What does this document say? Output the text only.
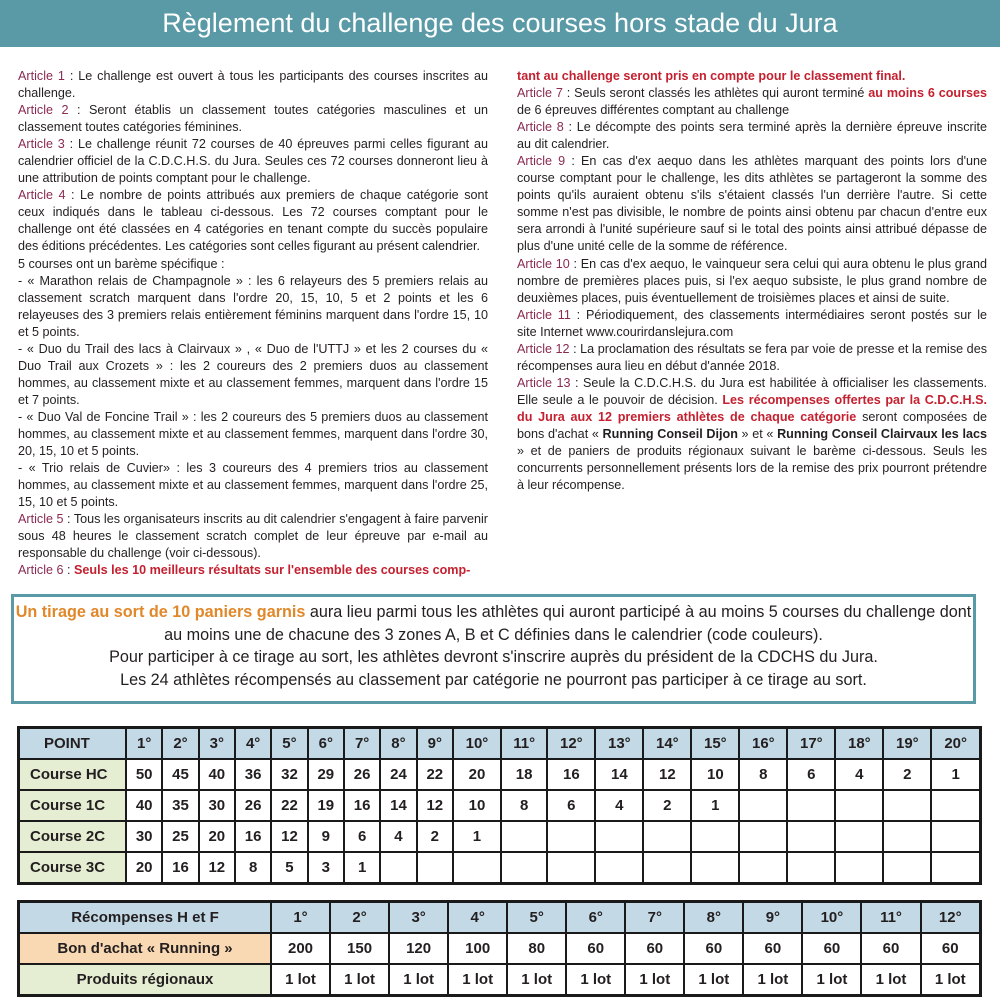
Règlement du challenge des courses hors stade du Jura

Article 1 : Le challenge est ouvert à tous les participants des courses inscrites au challenge.

Article 2 : Seront établis un classement toutes catégories masculines et un classement toutes catégories féminines.

Article 3 : Le challenge réunit 72 courses de 40 épreuves parmi celles figurant au calendrier officiel de la C.D.C.H.S. du Jura. Seules ces 72 courses donneront lieu à une attribution de points comptant pour le challenge.

Article 4 : Le nombre de points attribués aux premiers de chaque catégorie sont ceux indiqués dans le tableau ci-dessous. Les 72 courses comptant pour le challenge ont été classées en 4 catégories en tenant compte du succès populaire des éditions précédentes. Les catégories sont celles figurant au présent calendrier.

5 courses ont un barème spécifique :

- « Marathon relais de Champagnole » : les 6 relayeurs des 5 premiers relais au classement scratch marquent dans l'ordre 20, 15, 10, 5 et 2 points et les 6 relayeuses des 3 premiers relais entièrement féminins marquent dans l'ordre 15, 10 et 5 points.

- « Duo du Trail des lacs à Clairvaux » , « Duo de l'UTTJ » et les 2 courses du « Duo Trail aux Crozets » : les 2 coureurs des 2 premiers duos au classement hommes, au classement mixte et au classement femmes, marquent dans l'ordre 15 et 7 points.

- « Duo Val de Foncine Trail » : les 2 coureurs des 5 premiers duos au classement hommes, au classement mixte et au classement femmes, marquent dans l'ordre 30, 20, 15, 10 et 5 points.

- « Trio relais de Cuvier» : les 3 coureurs des 4 premiers trios au classement hommes, au classement mixte et au classement femmes, marquent dans l'ordre 25, 15, 10 et 5 points.

Article 5 : Tous les organisateurs inscrits au dit calendrier s'engagent à faire parvenir sous 48 heures le classement scratch complet de leur épreuve par e-mail au responsable du challenge (voir ci-dessous).

Article 6 : Seuls les 10 meilleurs résultats sur l'ensemble des courses comp-

tant au challenge seront pris en compte pour le classement final.

Article 7 : Seuls seront classés les athlètes qui auront terminé au moins 6 courses de 6 épreuves différentes comptant au challenge

Article 8 : Le décompte des points sera terminé après la dernière épreuve inscrite au dit calendrier.

Article 9 : En cas d'ex aequo dans les athlètes marquant des points lors d'une course comptant pour le challenge, les dits athlètes se partageront la somme des points qu'ils auraient obtenu s'ils s'étaient classés l'un derrière l'autre. Si cette somme n'est pas divisible, le nombre de points ainsi obtenu par chacun d'entre eux sera arrondi à l'unité supérieure sauf si le total des points ainsi attribué dépasse de plus d'une unité celle de la somme de référence.

Article 10 : En cas d'ex aequo, le vainqueur sera celui qui aura obtenu le plus grand nombre de premières places puis, si l'ex aequo subsiste, le plus grand nombre de deuxièmes places, puis éventuellement de troisièmes places et ainsi de suite.

Article 11 : Périodiquement, des classements intermédiaires seront postés sur le site Internet www.courirdanslejura.com

Article 12 : La proclamation des résultats se fera par voie de presse et la remise des récompenses aura lieu en début d'année 2018.

Article 13 : Seule la C.D.C.H.S. du Jura est habilitée à officialiser les classements. Elle seule a le pouvoir de décision. Les récompenses offertes par la C.D.C.H.S. du Jura aux 12 premiers athlètes de chaque catégorie seront composées de bons d'achat « Running Conseil Dijon » et « Running Conseil Clairvaux les lacs » et de paniers de produits régionaux suivant le barème ci-dessous. Seuls les concurrents personnellement présents lors de la remise des prix pourront prétendre à leur récompense.

Un tirage au sort de 10 paniers garnis aura lieu parmi tous les athlètes qui auront participé à au moins 5 courses du challenge dont au moins une de chacune des 3 zones A, B et C définies dans le calendrier (code couleurs).
Pour participer à ce tirage au sort, les athlètes devront s'inscrire auprès du président de la CDCHS du Jura.
Les 24 athlètes récompensés au classement par catégorie ne pourront pas participer à ce tirage au sort.
POINT	1°	2°	3°	4°	5°	6°	7°	8°	9°	10°	11°	12°	13°	14°	15°	16°	17°	18°	19°	20°
Course HC	50	45	40	36	32	29	26	24	22	20	18	16	14	12	10	8	6	4	2	1
Course 1C	40	35	30	26	22	19	16	14	12	10	8	6	4	2	1					
Course 2C	30	25	20	16	12	9	6	4	2	1										
Course 3C	20	16	12	8	5	3	1													
Récompenses H et F	1°	2°	3°	4°	5°	6°	7°	8°	9°	10°	11°	12°
Bon d'achat « Running »	200	150	120	100	80	60	60	60	60	60	60	60
Produits régionaux	1 lot	1 lot	1 lot	1 lot	1 lot	1 lot	1 lot	1 lot	1 lot	1 lot	1 lot	1 lot
